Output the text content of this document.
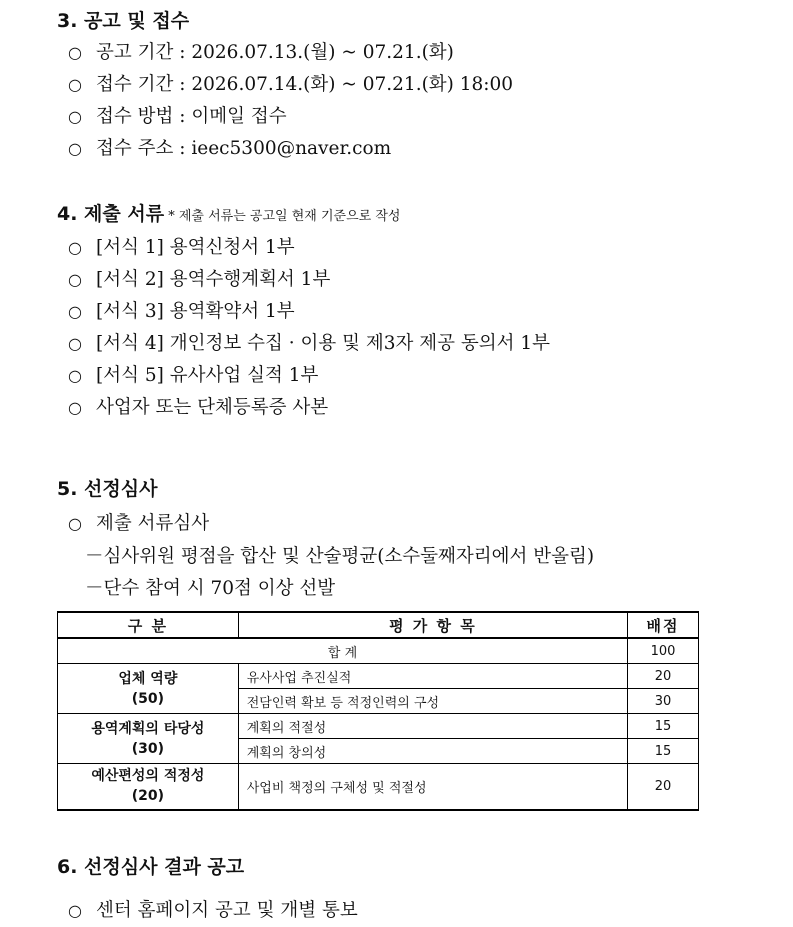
3. 공고 및 접수
○ 공고 기간 : 2026.07.13.(월) ~ 07.21.(화)
○ 접수 기간 : 2026.07.14.(화) ~ 07.21.(화) 18:00
○ 접수 방법 : 이메일 접수
○ 접수 주소 : ieec5300@naver.com
4. 제출 서류 * 제출 서류는 공고일 현재 기준으로 작성
○ [서식 1] 용역신청서 1부
○ [서식 2] 용역수행계획서 1부
○ [서식 3] 용역확약서 1부
○ [서식 4] 개인정보 수집 · 이용 및 제3자 제공 동의서 1부
○ [서식 5] 유사사업 실적 1부
○ 사업자 또는 단체등록증 사본
5. 선정심사
○ 제출 서류심사
－심사위원 평점을 합산 및 산술평균(소수둘째자리에서 반올림)
－단수 참여 시 70점 이상 선발
구 분	평 가 항 목	배점
합 계		100

업체 역량
(50)	유사사업 추진실적	20
	전담인력 확보 등 적정인력의 구성	30

용역계획의 타당성
(30)	계획의 적절성	15
	계획의 창의성	15

예산편성의 적정성
(20)	사업비 책정의 구체성 및 적절성	20
6. 선정심사 결과 공고
○ 센터 홈페이지 공고 및 개별 통보
